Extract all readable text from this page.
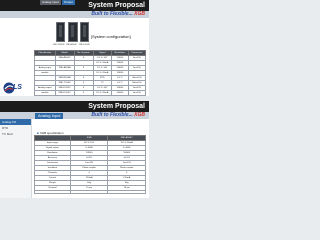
Analog Input	Output System Proposal
Built to Flexible... XGB
XBC-DN32H XBF-AD04C XBF-DV04C
[System configuration]
Classification	Model	No. of points	Signal	Resolution	Conversion
	XBF-AD04C	4	DC 0~10V	1/4000	2ms/CH
			DC 4~20mA	1/4000	
Analog input	XBF-AD08A	8	DC 0~10V	1/4000	2ms/CH
module			DC 4~20mA	1/4000	
	XBF-RD04A	4	RTD	0.1°C	40ms/CH
	XBF-TC04S	4	TC	0.1°C	50ms/CH
Analog output	XBF-DV04C	4	DC 0~10V	1/4000	1ms/CH
module	XBF-DC04C	4	DC 4~20mA	1/4000	1ms/CH
LS
System Proposal
Built to Flexible... XGB
Analog I/O
RTD
TC Mod
Analog Input
■XGB specification
	XGB	XBF-AD04C
Input range	DC 0~10V	DC 4~20mA
Digital output	0~4000	0~4000
Resolution	1/4000	1/4000
Accuracy	±0.5%	±0.5%
Conversion	1ms/CH	1ms/CH
Insulation	Photo coupler	Photo coupler
Channels	4	4
Current	120mA	120mA
Weight	64g	64g
Terminal	15 pin	15 pin
